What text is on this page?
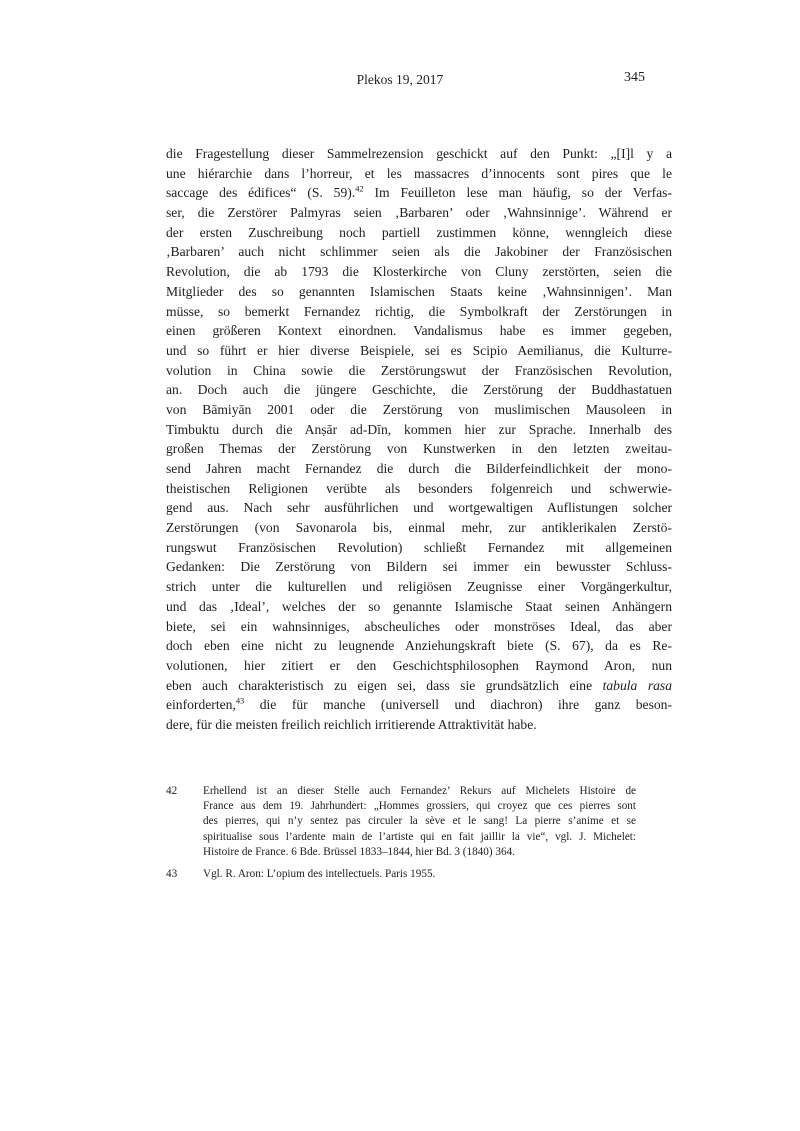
Plekos 19, 2017	345
die Fragestellung dieser Sammelrezension geschickt auf den Punkt: „[I]l y a
une hiérarchie dans l’horreur, et les massacres d’innocents sont pires que le
saccage des édifices“ (S. 59).$^{42}$ Im Feuilleton lese man häufig, so der Verfas-
ser, die Zerstörer Palmyras seien ‚Barbaren’ oder ‚Wahnsinnige’. Während er
der ersten Zuschreibung noch partiell zustimmen könne, wenngleich diese
‚Barbaren’ auch nicht schlimmer seien als die Jakobiner der Französischen
Revolution, die ab 1793 die Klosterkirche von Cluny zerstörten, seien die
Mitglieder des so genannten Islamischen Staats keine ‚Wahnsinnigen’. Man
müsse, so bemerkt Fernandez richtig, die Symbolkraft der Zerstörungen in
einen größeren Kontext einordnen. Vandalismus habe es immer gegeben,
und so führt er hier diverse Beispiele, sei es Scipio Aemilianus, die Kulturre-
volution in China sowie die Zerstörungswut der Französischen Revolution,
an. Doch auch die jüngere Geschichte, die Zerstörung der Buddhastatuen
von Bāmiyān 2001 oder die Zerstörung von muslimischen Mausoleen in
Timbuktu durch die Anṣār ad-Dīn, kommen hier zur Sprache. Innerhalb des
großen Themas der Zerstörung von Kunstwerken in den letzten zweitau-
send Jahren macht Fernandez die durch die Bilderfeindlichkeit der mono-
theistischen Religionen verübte als besonders folgenreich und schwerwie-
gend aus. Nach sehr ausführlichen und wortgewaltigen Auflistungen solcher
Zerstörungen (von Savonarola bis, einmal mehr, zur antiklerikalen Zerstö-
rungswut Französischen Revolution) schließt Fernandez mit allgemeinen
Gedanken: Die Zerstörung von Bildern sei immer ein bewusster Schluss-
strich unter die kulturellen und religiösen Zeugnisse einer Vorgängerkultur,
und das ‚Ideal’, welches der so genannte Islamische Staat seinen Anhängern
biete, sei ein wahnsinniges, abscheuliches oder monströses Ideal, das aber
doch eben eine nicht zu leugnende Anziehungskraft biete (S. 67), da es Re-
volutionen, hier zitiert er den Geschichtsphilosophen Raymond Aron, nun
eben auch charakteristisch zu eigen sei, dass sie grundsätzlich eine tabula rasa
einforderten,$^{43}$ die für manche (universell und diachron) ihre ganz beson-
dere, für die meisten freilich reichlich irritierende Attraktivität habe.
42	Erhellend ist an dieser Stelle auch Fernandez’ Rekurs auf Michelets Histoire de
France aus dem 19. Jahrhundert: „Hommes grossiers, qui croyez que ces pierres sont
des pierres, qui n’y sentez pas circuler la sève et le sang! La pierre s’anime et se
spiritualise sous l’ardente main de l’artiste qui en fait jaillir la vie“, vgl. J. Michelet:
Histoire de France. 6 Bde. Brüssel 1833–1844, hier Bd. 3 (1840) 364.
43	Vgl. R. Aron: L’opium des intellectuels. Paris 1955.
